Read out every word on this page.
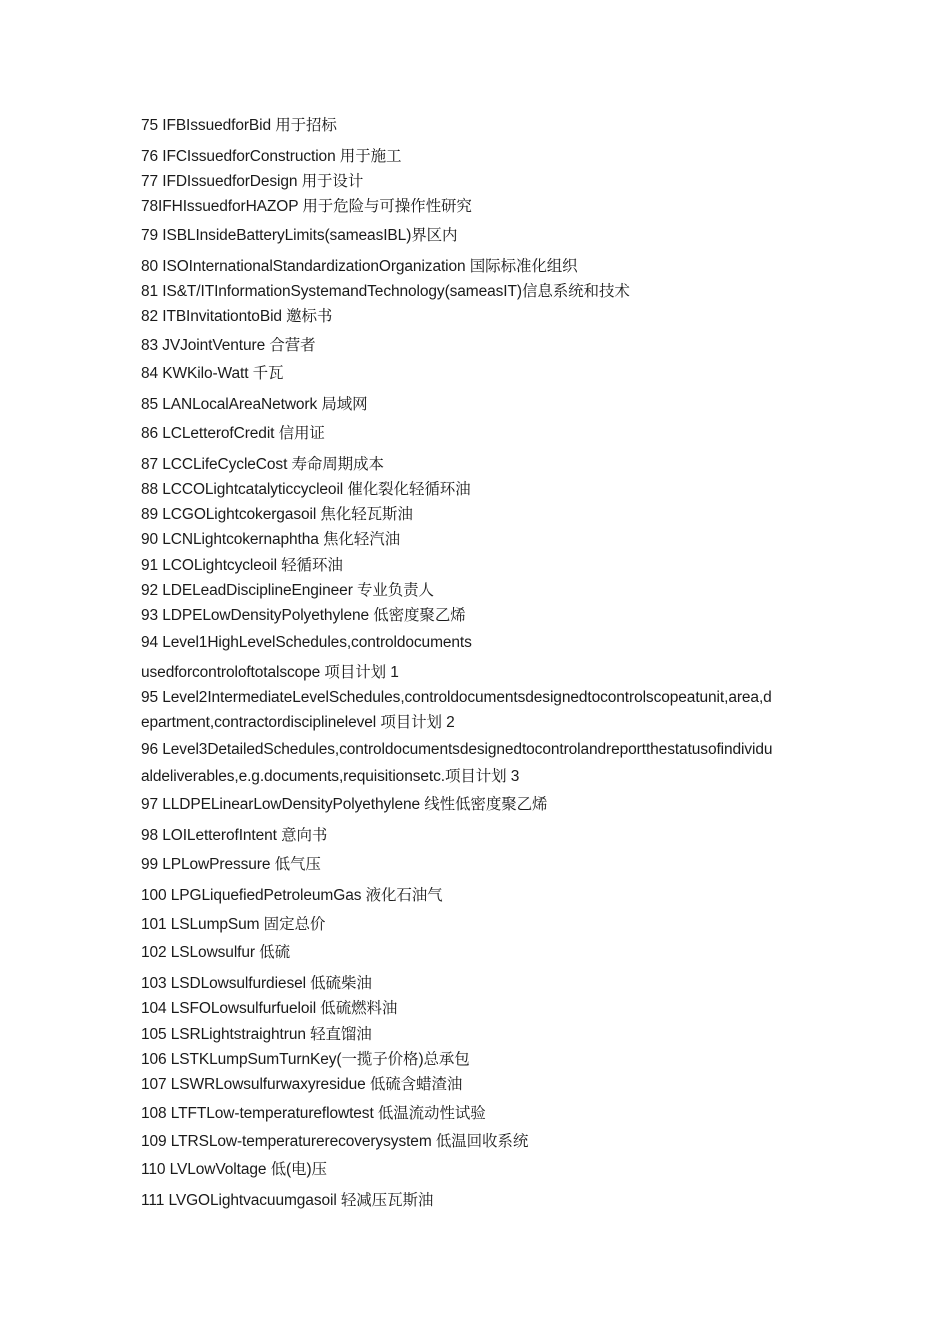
75 IFBIssuedforBid 用于招标
76 IFCIssuedforConstruction 用于施工
77 IFDIssuedforDesign 用于设计
78IFHIssuedforHAZOP 用于危险与可操作性研究
79 ISBLInsideBatteryLimits(sameasIBL)界区内
80 ISOInternationalStandardizationOrganization 国际标准化组织
81 IS&T/ITInformationSystemandTechnology(sameasIT)信息系统和技术
82 ITBInvitationtoBid 邀标书
83 JVJointVenture 合营者
84 KWKilo-Watt 千瓦
85 LANLocalAreaNetwork 局域网
86 LCLetterofCredit 信用证
87 LCCLifeCycleCost 寿命周期成本
88 LCCOLightcatalyticcycleoil 催化裂化轻循环油
89 LCGOLightcokergasoil 焦化轻瓦斯油
90 LCNLightcokernaphtha 焦化轻汽油
91 LCOLightcycleoil 轻循环油
92 LDELeadDisciplineEngineer 专业负责人
93 LDPELowDensityPolyethylene 低密度聚乙烯
94 Level1HighLevelSchedules,controldocuments
usedforcontroloftotalscope 项目计划 1
95 Level2IntermediateLevelSchedules,controldocumentsdesignedtocontrolscopeatunit,area,d
epartment,contractordisciplinelevel 项目计划 2
96 Level3DetailedSchedules,controldocumentsdesignedtocontrolandreportthestatusofindividu
aldeliverables,e.g.documents,requisitionsetc.项目计划 3
97 LLDPELinearLowDensityPolyethylene 线性低密度聚乙烯
98 LOILetterofIntent 意向书
99 LPLowPressure 低气压
100 LPGLiquefiedPetroleumGas 液化石油气
101 LSLumpSum 固定总价
102 LSLowsulfur 低硫
103 LSDLowsulfurdiesel 低硫柴油
104 LSFOLowsulfurfueloil 低硫燃料油
105 LSRLightstraightrun 轻直馏油
106 LSTKLumpSumTurnKey(一揽子价格)总承包
107 LSWRLowsulfurwaxyresidue 低硫含蜡渣油
108 LTFTLow-temperatureflowtest 低温流动性试验
109 LTRSLow-temperaturerecoverysystem 低温回收系统
110 LVLowVoltage 低(电)压
111 LVGOLightvacuumgasoil 轻减压瓦斯油
